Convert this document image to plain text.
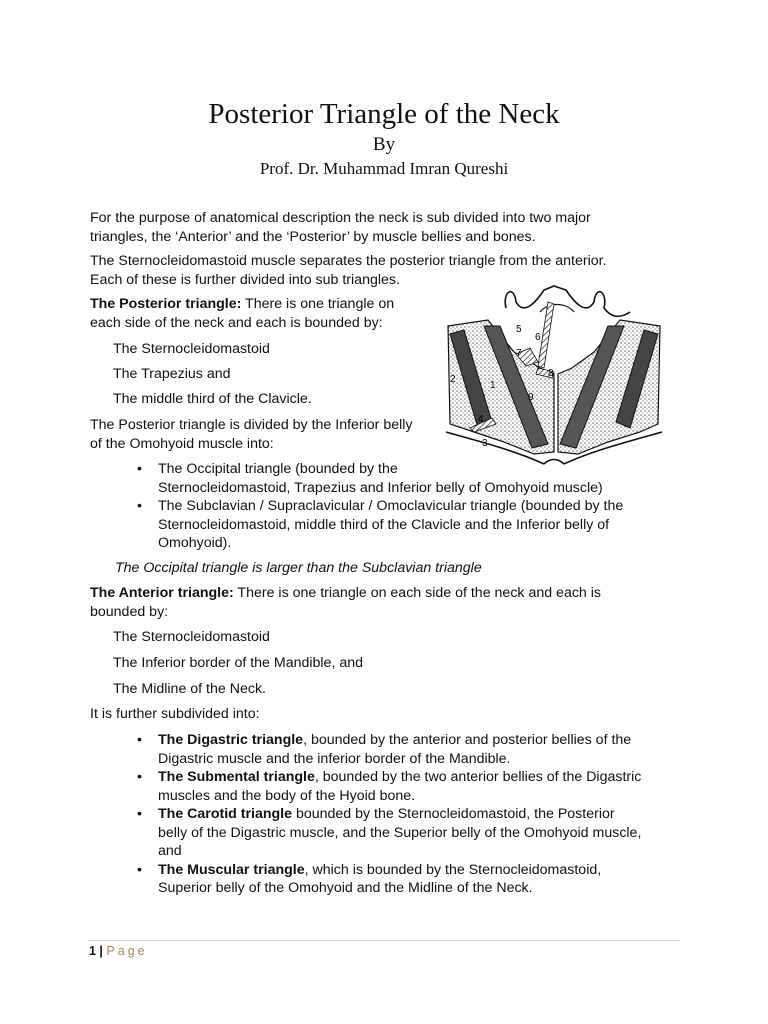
Posterior Triangle of the Neck
By
Prof. Dr. Muhammad Imran Qureshi
For the purpose of anatomical description the neck is sub divided into two major
triangles, the ‘Anterior’ and the ‘Posterior’ by muscle bellies and bones.
The Sternocleidomastoid muscle separates the posterior triangle from the anterior.
Each of these is further divided into sub triangles.
The Posterior triangle: There is one triangle on
each side of the neck and each is bounded by:
The Sternocleidomastoid
The Trapezius and
The middle third of the Clavicle.
The Posterior triangle is divided by the Inferior belly
of the Omohyoid muscle into:
• The Occipital triangle (bounded by the
Sternocleidomastoid, Trapezius and Inferior belly of Omohyoid muscle)
• The Subclavian / Supraclavicular / Omoclavicular triangle (bounded by the
Sternocleidomastoid, middle third of the Clavicle and the Inferior belly of
Omohyoid).
The Occipital triangle is larger than the Subclavian triangle
The Anterior triangle: There is one triangle on each side of the neck and each is
bounded by:
The Sternocleidomastoid
The Inferior border of the Mandible, and
The Midline of the Neck.
It is further subdivided into:
• The Digastric triangle, bounded by the anterior and posterior bellies of the
Digastric muscle and the inferior border of the Mandible.
• The Submental triangle, bounded by the two anterior bellies of the Digastric
muscles and the body of the Hyoid bone.
• The Carotid triangle bounded by the Sternocleidomastoid, the Posterior
belly of the Digastric muscle, and the Superior belly of the Omohyoid muscle,
and
• The Muscular triangle, which is bounded by the Sternocleidomastoid,
Superior belly of the Omohyoid and the Midline of the Neck.
1
2
3
4
5
6
7
8
9
1 | Page
